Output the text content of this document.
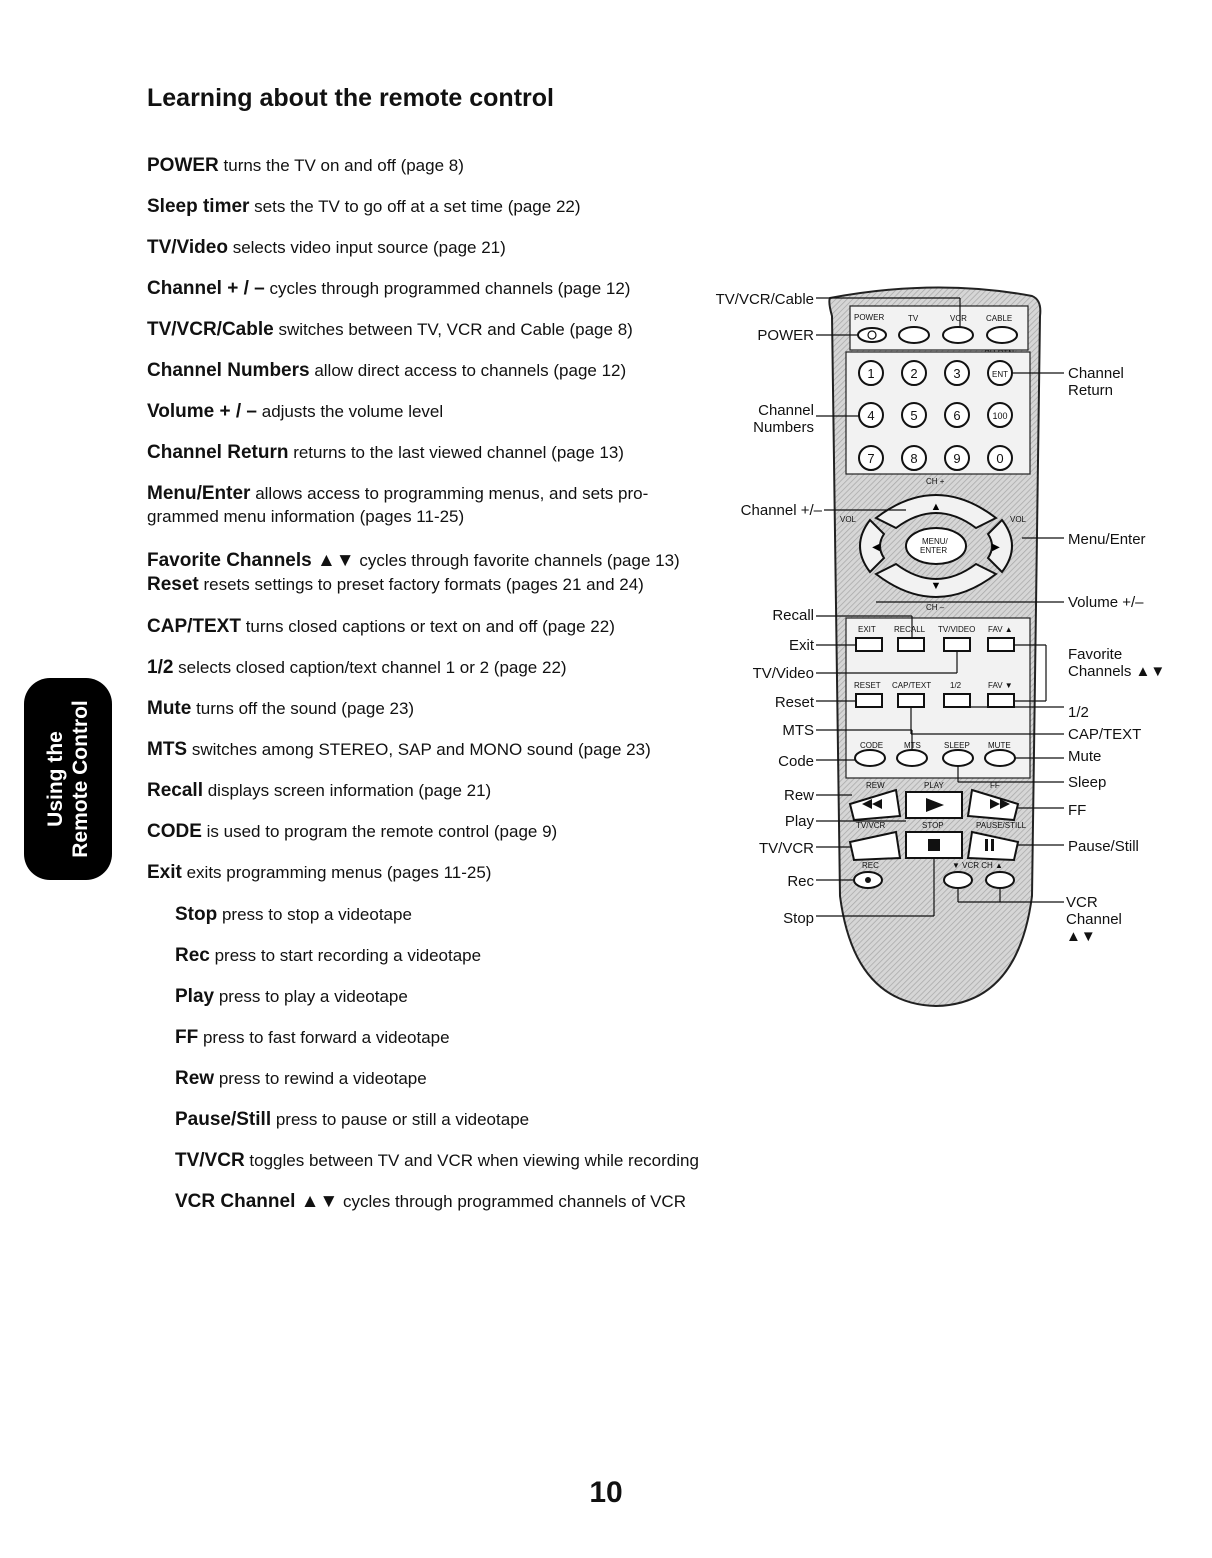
Learning about the remote control
Using the Remote Control

POWER turns the TV on and off (page 8)

Sleep timer sets the TV to go off at a set time (page 22)

TV/Video selects video input source (page 21)

Channel + / – cycles through programmed channels (page 12)

TV/VCR/Cable switches between TV, VCR and Cable (page 8)

Channel Numbers allow direct access to channels (page 12)

Volume + / – adjusts the volume level

Channel Return returns to the last viewed channel (page 13)

Menu/Enter allows access to programming menus, and sets pro-grammed menu information (pages 11-25)

Favorite Channels ▲▼ cycles through favorite channels (page 13)

Reset resets settings to preset factory formats (pages 21 and 24)

CAP/TEXT turns closed captions or text on and off (page 22)

1/2 selects closed caption/text channel 1 or 2 (page 22)

Mute turns off the sound (page 23)

MTS switches among STEREO, SAP and MONO sound (page 23)

Recall displays screen information (page 21)

CODE is used to program the remote control (page 9)

Exit exits programming menus (pages 11-25)

Stop press to stop a videotape

Rec press to start recording a videotape

Play press to play a videotape

FF press to fast forward a videotape

Rew press to rewind a videotape

Pause/Still press to pause or still a videotape

TV/VCR toggles between TV and VCR when viewing while recording

VCR Channel ▲▼ cycles through programmed channels of VCR

POWER	TV	VCR CABLE
1	2	3	ENT
4	5	6	100
7	8	9	0
CH +
CH –
VOL	VOL
MENU/
ENTER
▲
▼
◀	▶
EXIT RECALL TV/VIDEO FAV ▲
RESET CAP/TEXT 1/2	FAV ▼
CODE	MTS	SLEEP MUTE
REW	PLAY	FF
TV/VCR	STOP	PAUSE/STILL
REC	▼ VCR CH ▲
TV/VCR/Cable
POWER
Channel
Numbers
Channel +/–
Recall
Exit
TV/Video
Reset
MTS
Code
Rew
Play
TV/VCR
Rec
Stop
Channel
Return
Menu/Enter
Volume +/–
Favorite
Channels ▲▼
1/2
CAP/TEXT
Mute
Sleep
FF
Pause/Still
VCR
Channel
▲▼
10
